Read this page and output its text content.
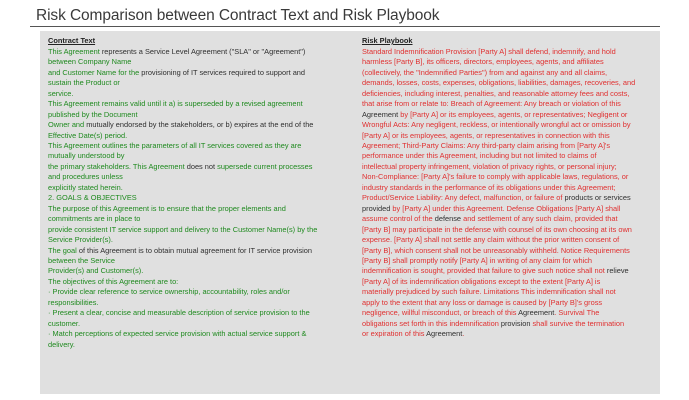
Risk Comparison between Contract Text and Risk Playbook
Contract Text
This Agreement represents a Service Level Agreement ("SLA" or "Agreement")
between Company Name
and Customer Name for the provisioning of IT services required to support and
sustain the Product or
service.
This Agreement remains valid until it a) is superseded by a revised agreement
published by the Document
Owner and mutually endorsed by the stakeholders, or b) expires at the end of the
Effective Date(s) period.
This Agreement outlines the parameters of all IT services covered as they are
mutually understood by
the primary stakeholders. This Agreement does not supersede current processes
and procedures unless
explicitly stated herein.
2. GOALS & OBJECTIVES
The purpose of this Agreement is to ensure that the proper elements and
commitments are in place to
provide consistent IT service support and delivery to the Customer Name(s) by the
Service Provider(s).
The goal of this Agreement is to obtain mutual agreement for IT service provision
between the Service
Provider(s) and Customer(s).
The objectives of this Agreement are to:
· Provide clear reference to service ownership, accountability, roles and/or
responsibilities.
· Present a clear, concise and measurable description of service provision to the
customer.
· Match perceptions of expected service provision with actual service support &
delivery.
Risk Playbook
Standard Indemnification Provision [Party A] shall defend, indemnify, and hold
harmless [Party B], its officers, directors, employees, agents, and affiliates
(collectively, the "Indemnified Parties") from and against any and all claims,
demands, losses, costs, expenses, obligations, liabilities, damages, recoveries, and
deficiencies, including interest, penalties, and reasonable attorney fees and costs,
that arise from or relate to: Breach of Agreement: Any breach or violation of this
Agreement by [Party A] or its employees, agents, or representatives; Negligent or
Wrongful Acts: Any negligent, reckless, or intentionally wrongful act or omission by
[Party A] or its employees, agents, or representatives in connection with this
Agreement; Third-Party Claims: Any third-party claim arising from [Party A]'s
performance under this Agreement, including but not limited to claims of
intellectual property infringement, violation of privacy rights, or personal injury;
Non-Compliance: [Party A]'s failure to comply with applicable laws, regulations, or
industry standards in the performance of its obligations under this Agreement;
Product/Service Liability: Any defect, malfunction, or failure of products or services
provided by [Party A] under this Agreement. Defense Obligations [Party A] shall
assume control of the defense and settlement of any such claim, provided that
[Party B] may participate in the defense with counsel of its own choosing at its own
expense. [Party A] shall not settle any claim without the prior written consent of
[Party B], which consent shall not be unreasonably withheld. Notice Requirements
[Party B] shall promptly notify [Party A] in writing of any claim for which
indemnification is sought, provided that failure to give such notice shall not relieve
[Party A] of its indemnification obligations except to the extent [Party A] is
materially prejudiced by such failure. Limitations This indemnification shall not
apply to the extent that any loss or damage is caused by [Party B]'s gross
negligence, willful misconduct, or breach of this Agreement. Survival The
obligations set forth in this indemnification provision shall survive the termination
or expiration of this Agreement.
